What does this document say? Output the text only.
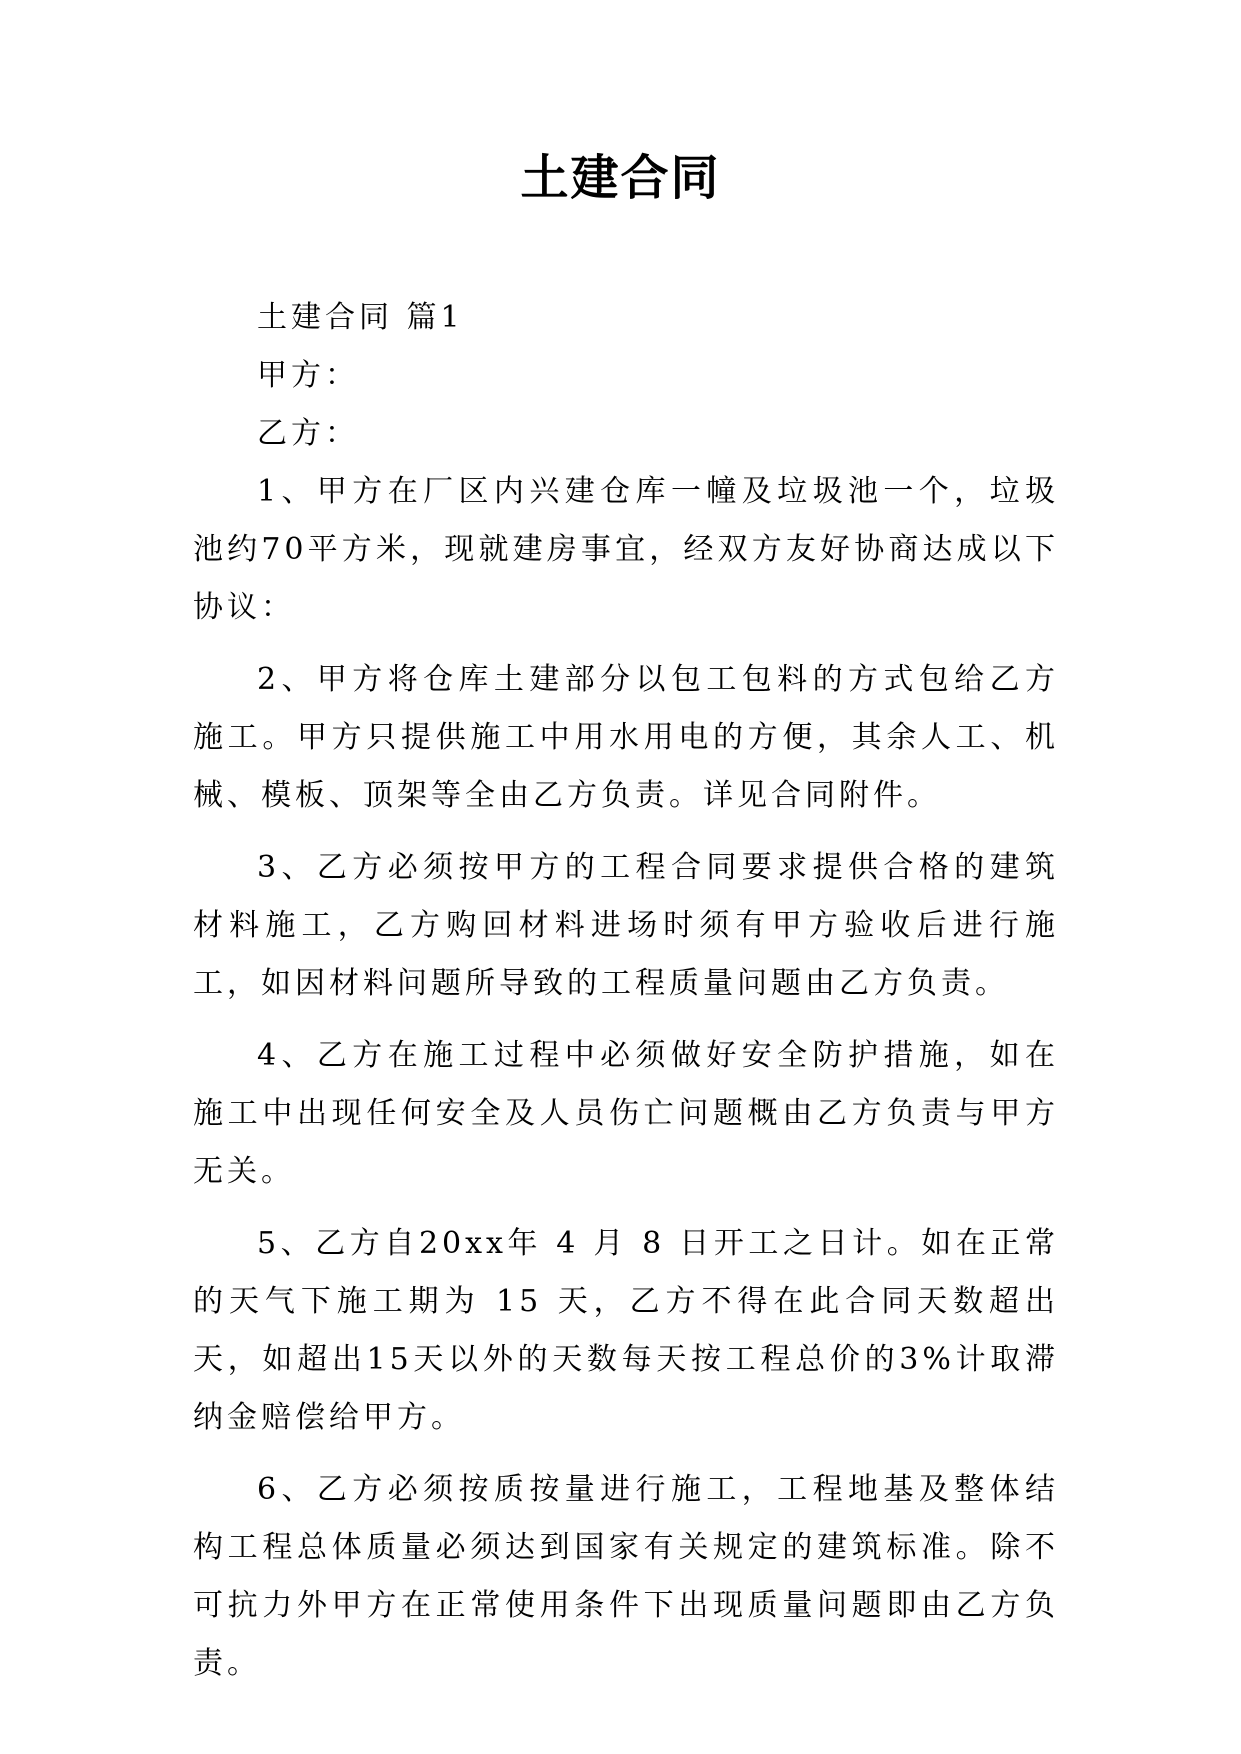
土建合同

土建合同 篇1

甲方：

乙方：

1、甲方在厂区内兴建仓库一幢及垃圾池一个，垃圾池约70平方米，现就建房事宜，经双方友好协商达成以下协议：

2、甲方将仓库土建部分以包工包料的方式包给乙方施工。甲方只提供施工中用水用电的方便，其余人工、机械、模板、顶架等全由乙方负责。详见合同附件。

3、乙方必须按甲方的工程合同要求提供合格的建筑材料施工，乙方购回材料进场时须有甲方验收后进行施工，如因材料问题所导致的工程质量问题由乙方负责。

4、乙方在施工过程中必须做好安全防护措施，如在施工中出现任何安全及人员伤亡问题概由乙方负责与甲方无关。

5、乙方自20xx年 4 月 8 日开工之日计。如在正常的天气下施工期为 15 天，乙方不得在此合同天数超出天，如超出15天以外的天数每天按工程总价的3%计取滞纳金赔偿给甲方。

6、乙方必须按质按量进行施工，工程地基及整体结构工程总体质量必须达到国家有关规定的建筑标准。除不可抗力外甲方在正常使用条件下出现质量问题即由乙方负责。
